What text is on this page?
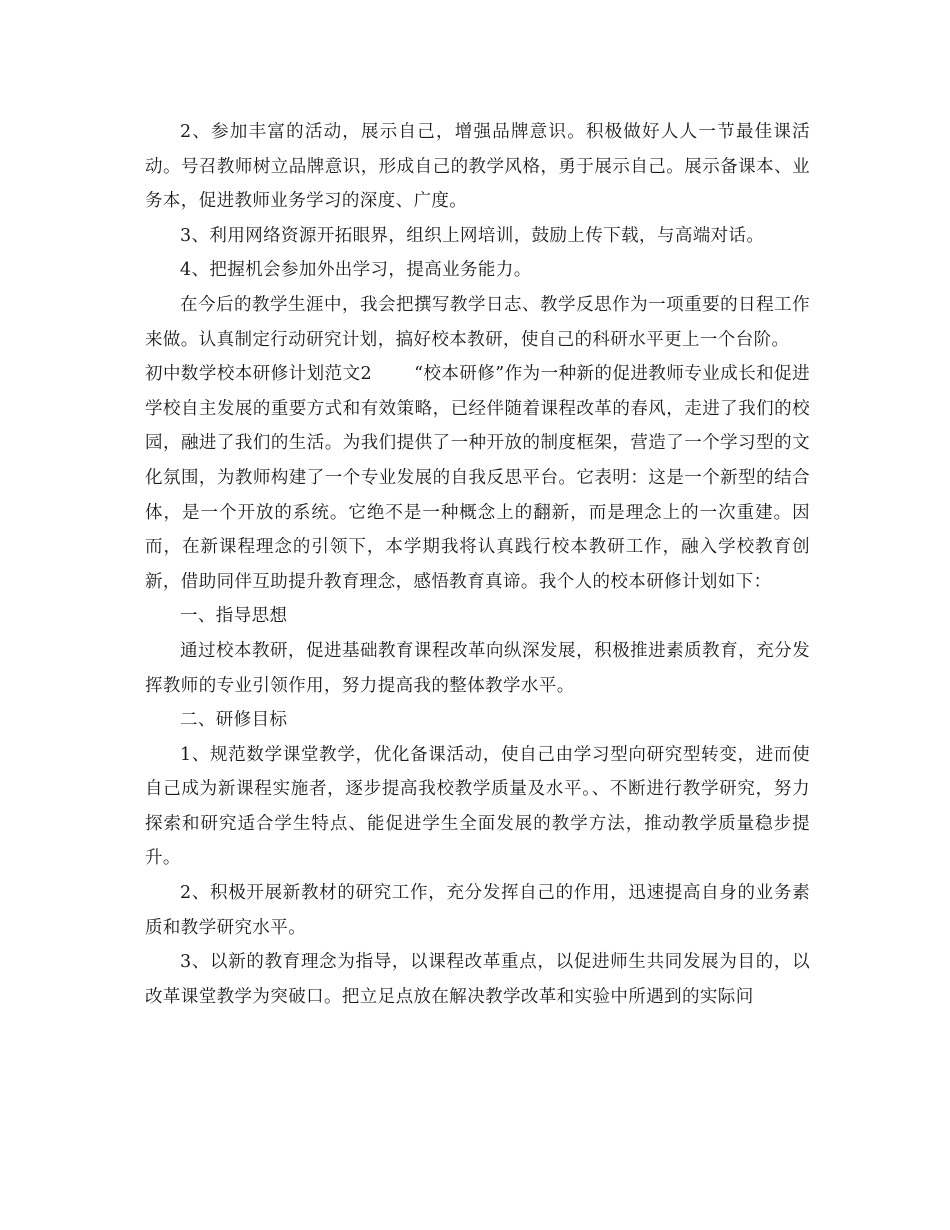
2、参加丰富的活动，展示自己，增强品牌意识。积极做好人人一节最佳课活动。号召教师树立品牌意识，形成自己的教学风格，勇于展示自己。展示备课本、业务本，促进教师业务学习的深度、广度。

3、利用网络资源开拓眼界，组织上网培训，鼓励上传下载，与高端对话。

4、把握机会参加外出学习，提高业务能力。

在今后的教学生涯中，我会把撰写教学日志、教学反思作为一项重要的日程工作来做。认真制定行动研究计划，搞好校本教研，使自己的科研水平更上一个台阶。

初中数学校本研修计划范文2 “校本研修”作为一种新的促进教师专业成长和促进学校自主发展的重要方式和有效策略，已经伴随着课程改革的春风，走进了我们的校园，融进了我们的生活。为我们提供了一种开放的制度框架，营造了一个学习型的文化氛围，为教师构建了一个专业发展的自我反思平台。它表明：这是一个新型的结合体，是一个开放的系统。它绝不是一种概念上的翻新，而是理念上的一次重建。因而，在新课程理念的引领下，本学期我将认真践行校本教研工作，融入学校教育创新，借助同伴互助提升教育理念，感悟教育真谛。我个人的校本研修计划如下：

一、指导思想

通过校本教研，促进基础教育课程改革向纵深发展，积极推进素质教育，充分发挥教师的专业引领作用，努力提高我的整体教学水平。

二、研修目标

1、规范数学课堂教学，优化备课活动，使自己由学习型向研究型转变，进而使自己成为新课程实施者，逐步提高我校教学质量及水平。、不断进行教学研究，努力探索和研究适合学生特点、能促进学生全面发展的教学方法，推动教学质量稳步提升。

2、积极开展新教材的研究工作，充分发挥自己的作用，迅速提高自身的业务素质和教学研究水平。

3、以新的教育理念为指导，以课程改革重点，以促进师生共同发展为目的，以改革课堂教学为突破口。把立足点放在解决教学改革和实验中所遇到的实际问
